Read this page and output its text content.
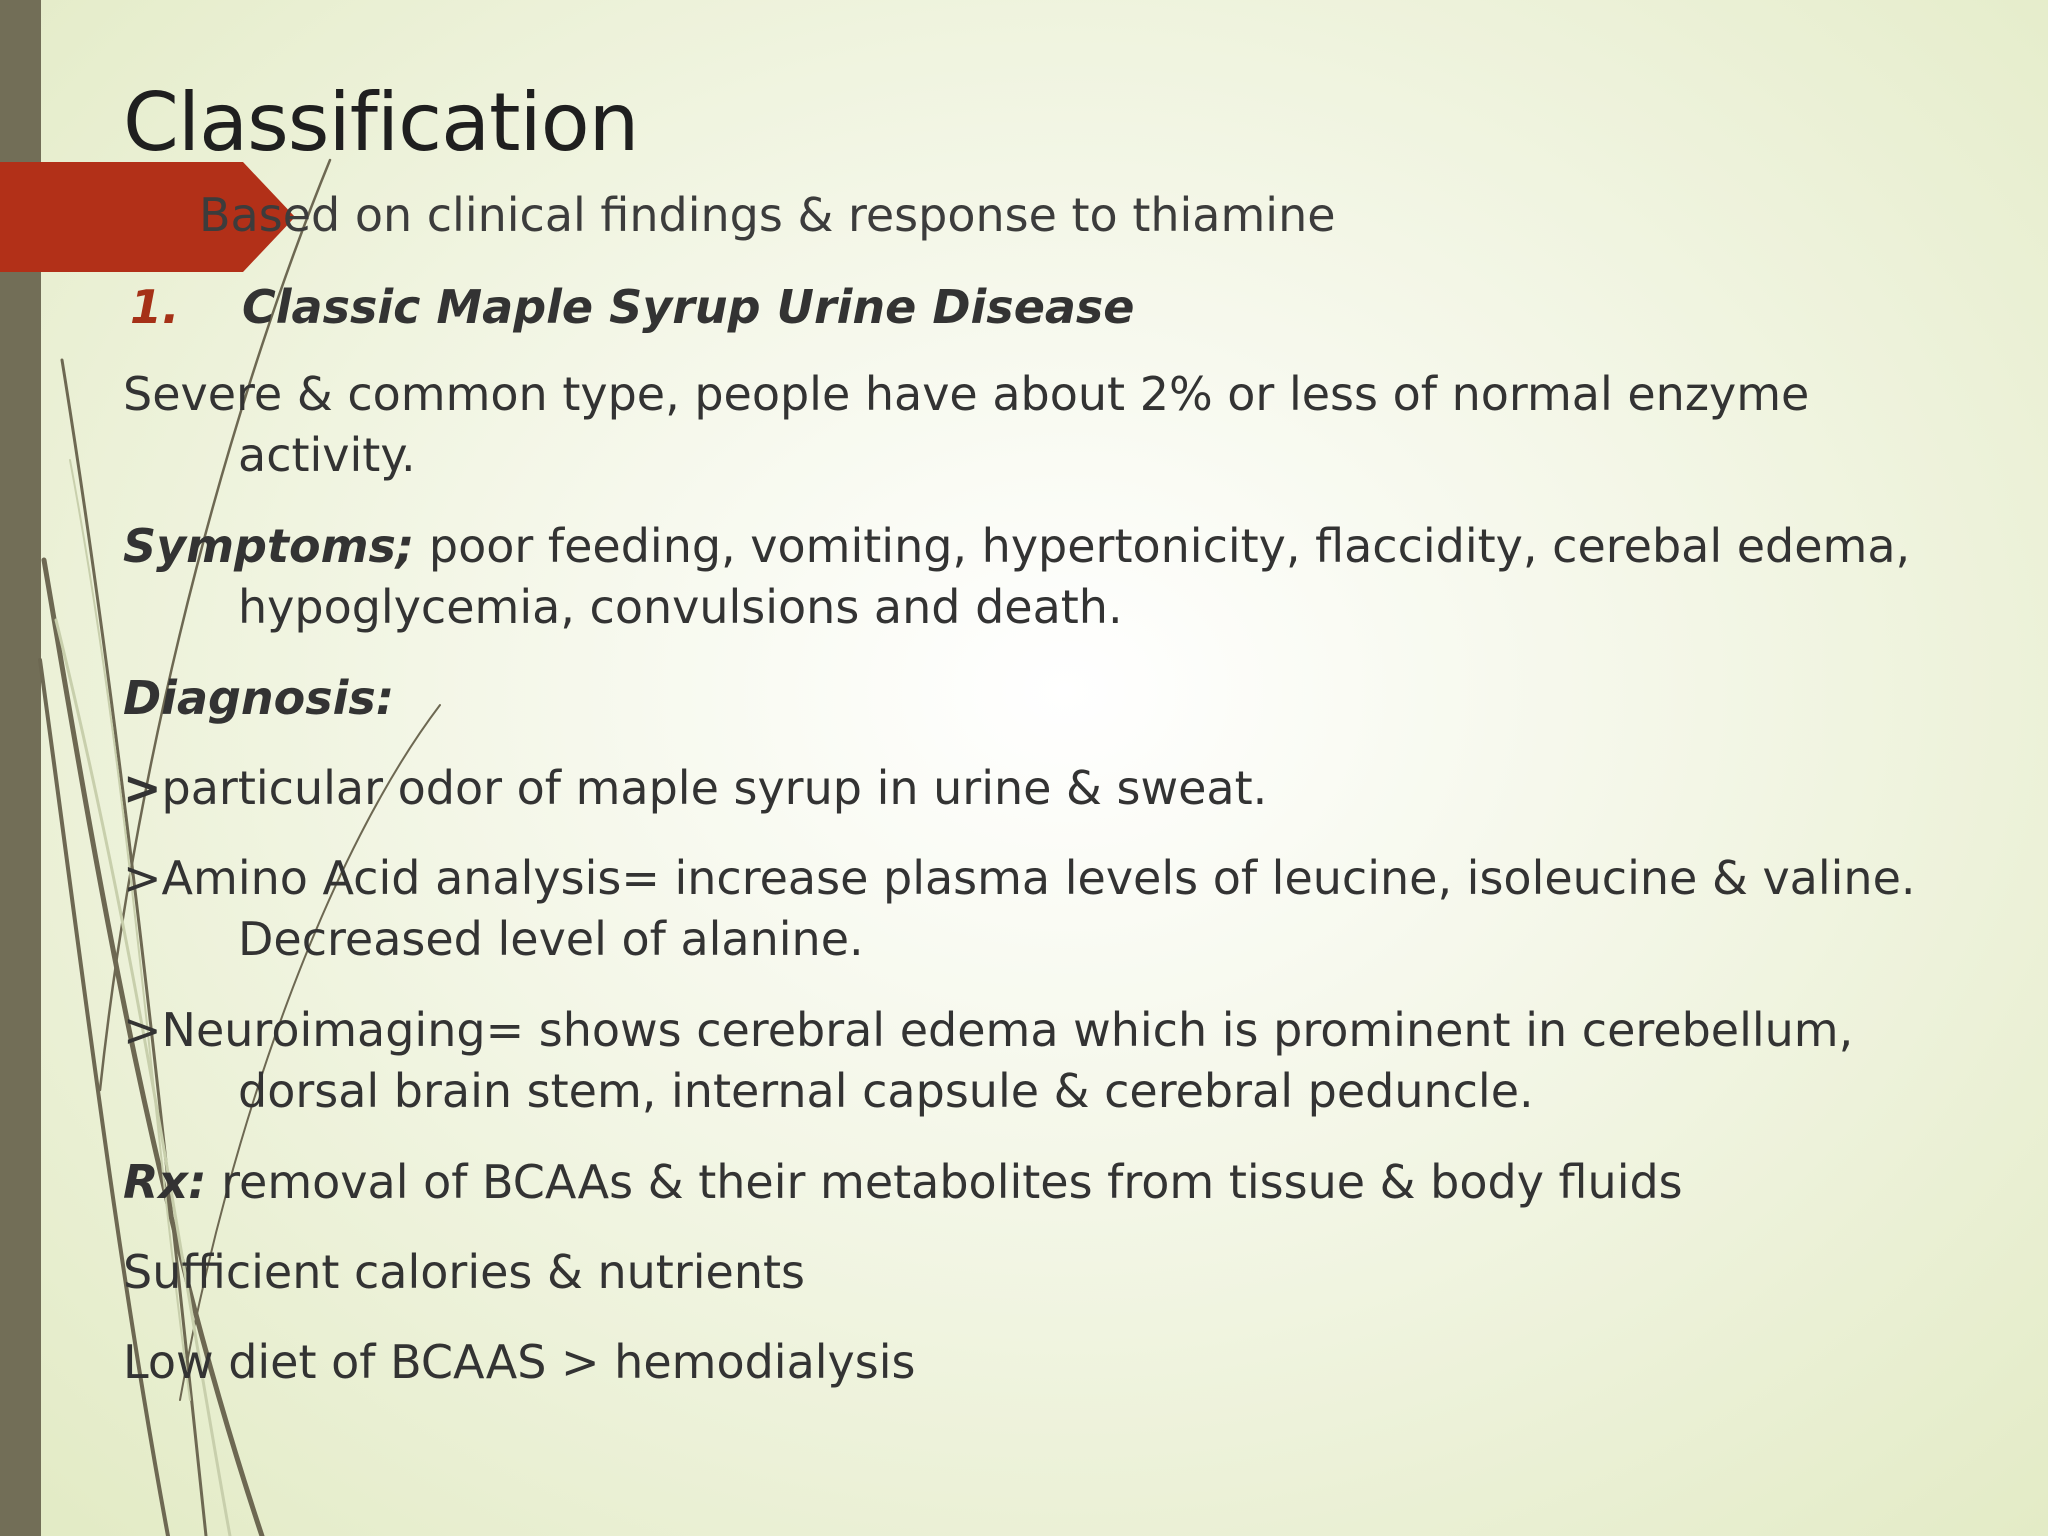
Classification
Based on clinical findings & response to thiamine
1. Classic Maple Syrup Urine Disease
Severe & common type, people have about 2% or less of normal enzyme activity.
Symptoms; poor feeding, vomiting, hypertonicity, flaccidity, cerebal edema, hypoglycemia, convulsions and death.
Diagnosis:
>particular odor of maple syrup in urine & sweat.
>Amino Acid analysis= increase plasma levels of leucine, isoleucine & valine. Decreased level of alanine.
>Neuroimaging= shows cerebral edema which is prominent in cerebellum, dorsal brain stem, internal capsule & cerebral peduncle.
Rx: removal of BCAAs & their metabolites from tissue & body fluids
Sufficient calories & nutrients
Low diet of BCAAS > hemodialysis
